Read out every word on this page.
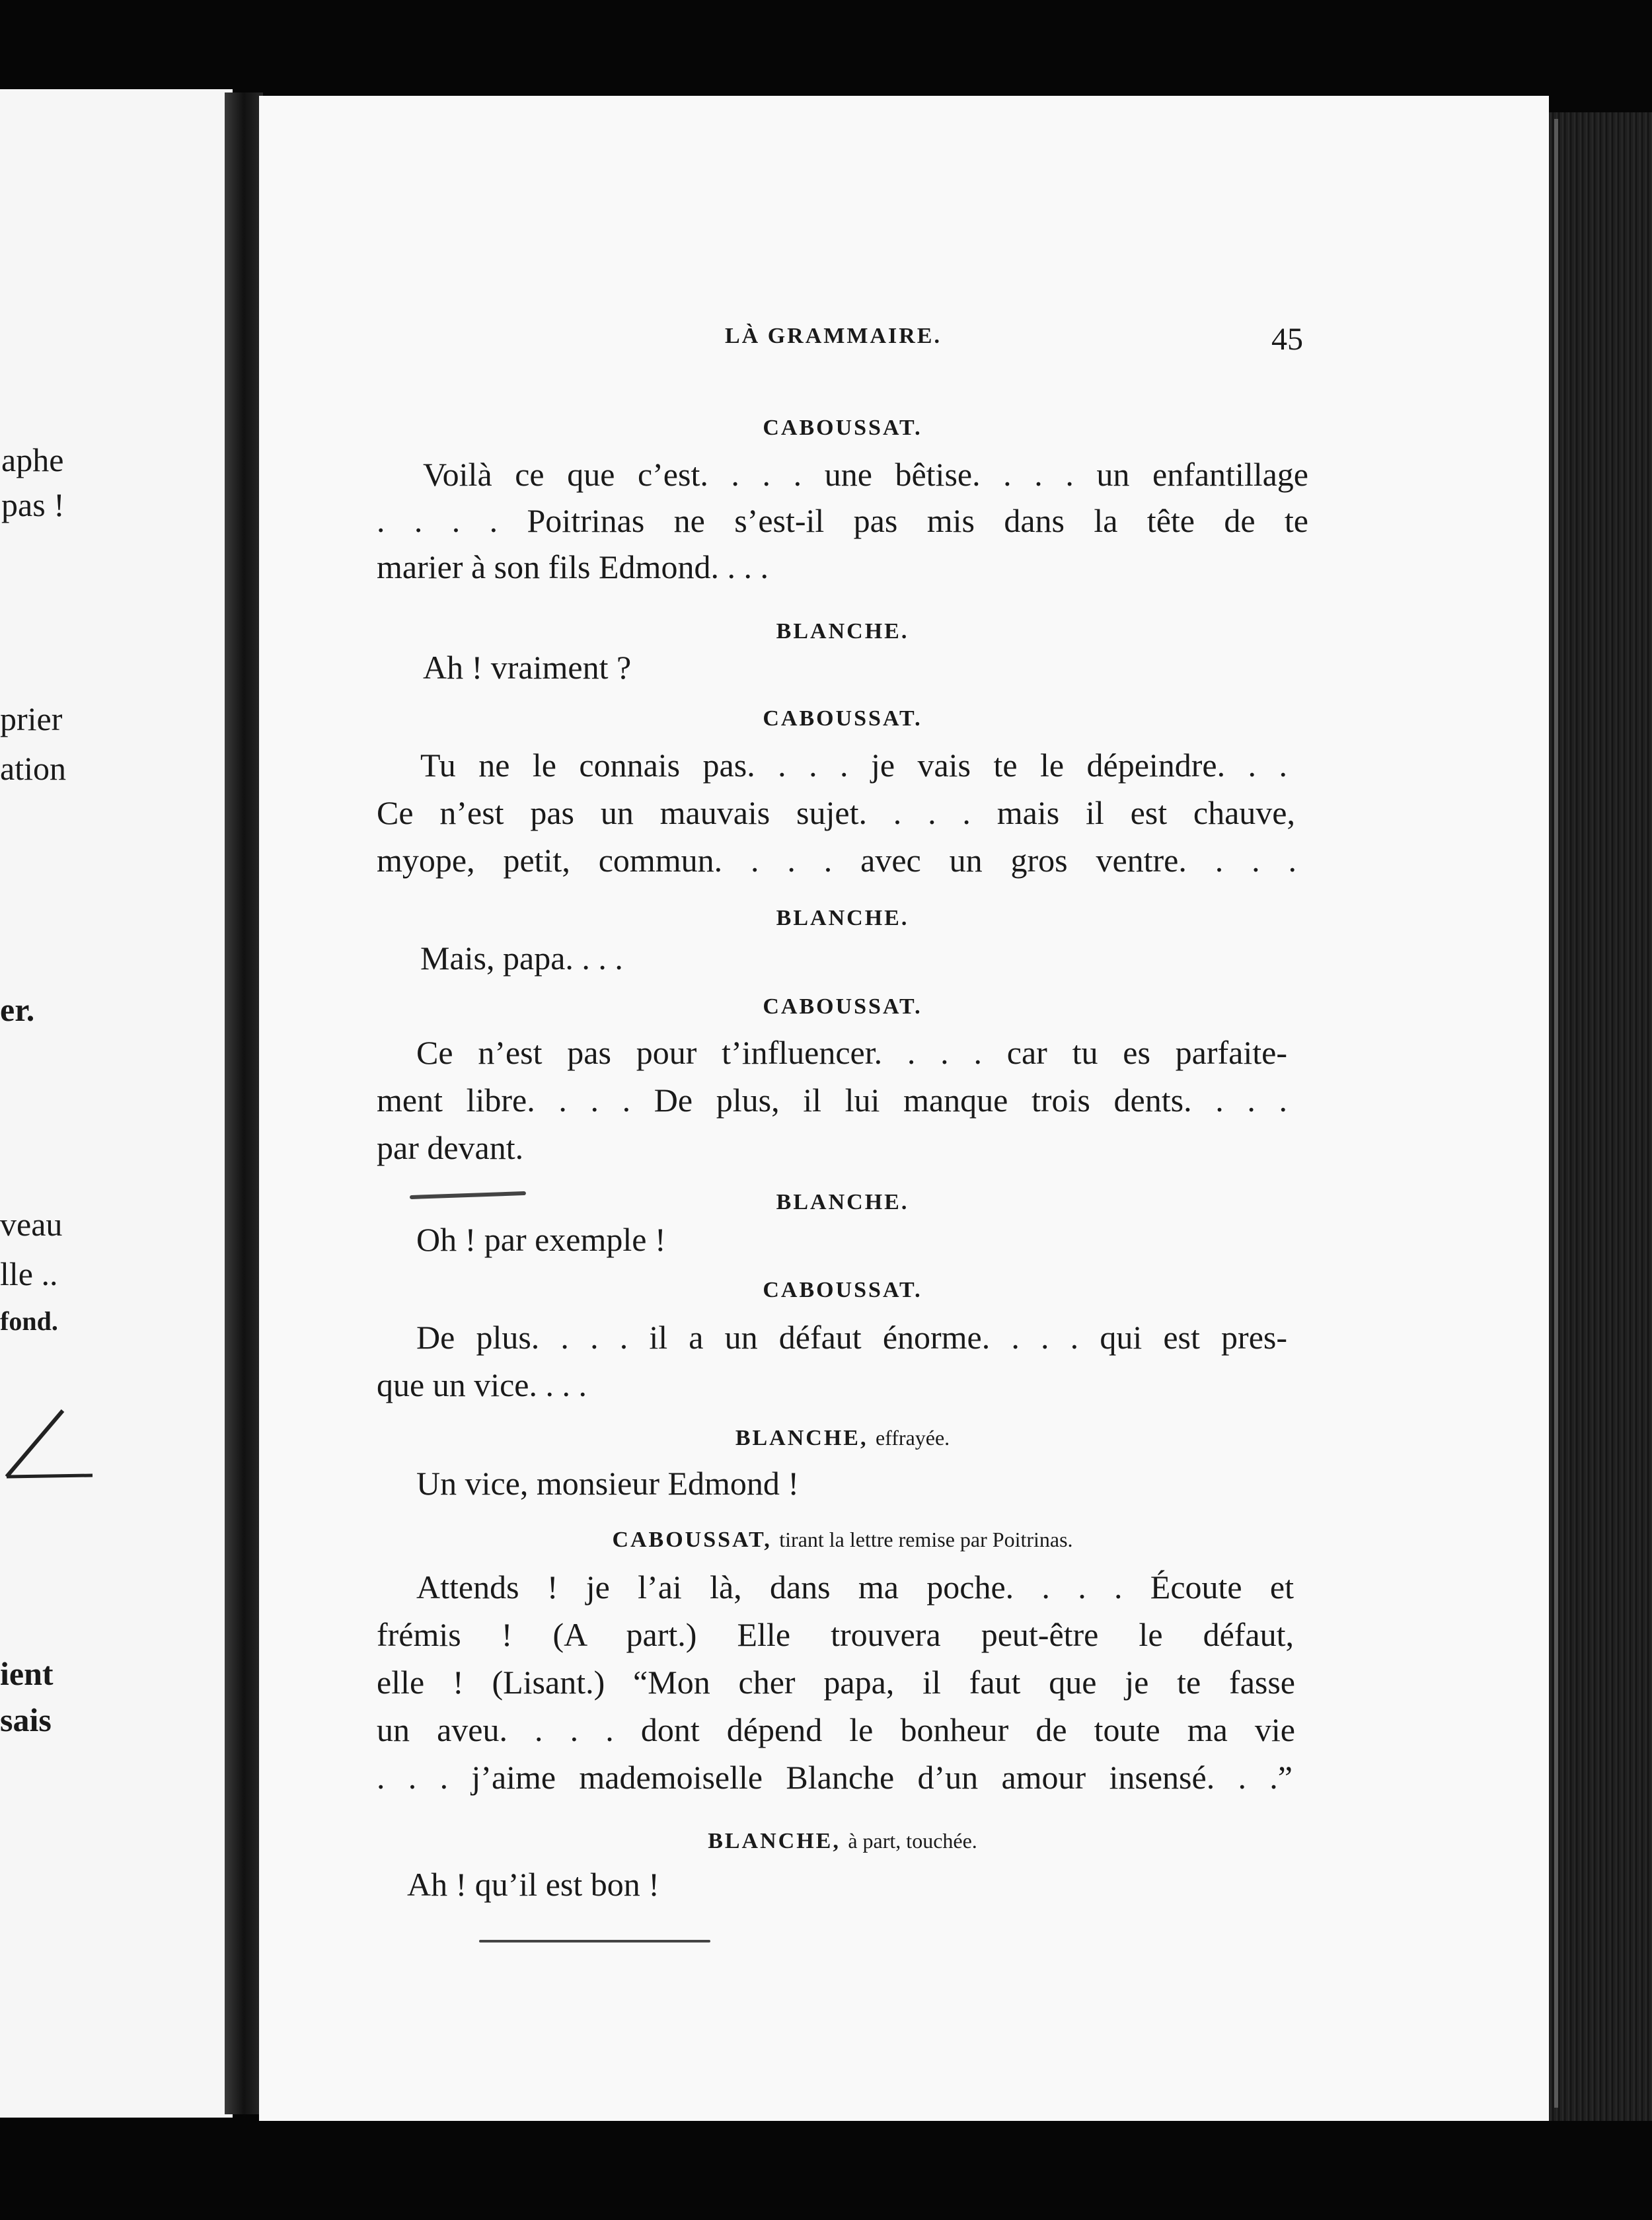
aphe
pas !
prier
ation
er.
veau
lle ..
fond.
ient
sais
LÀ GRAMMAIRE.	45
CABOUSSAT.
Voilà ce que c’est. . . . une bêtise. . . . un enfantillage
. . . . Poitrinas ne s’est-il pas mis dans la tête de te
marier à son fils Edmond. . . .
BLANCHE.
Ah ! vraiment ?
CABOUSSAT.
Tu ne le connais pas. . . . je vais te le dépeindre. . .
Ce n’est pas un mauvais sujet. . . . mais il est chauve,
myope, petit, commun. . . . avec un gros ventre. . . .
BLANCHE.
Mais, papa. . . .
CABOUSSAT.
Ce n’est pas pour t’influencer. . . . car tu es parfaite-
ment libre. . . . De plus, il lui manque trois dents. . . .
par devant.
BLANCHE.
Oh ! par exemple !
CABOUSSAT.
De plus. . . . il a un défaut énorme. . . . qui est pres-
que un vice. . . .
BLANCHE, effrayée.
Un vice, monsieur Edmond !
CABOUSSAT, tirant la lettre remise par Poitrinas.
Attends ! je l’ai là, dans ma poche. . . . Écoute et
frémis ! (A part.) Elle trouvera peut-être le défaut,
elle ! (Lisant.) “Mon cher papa, il faut que je te fasse
un aveu. . . . dont dépend le bonheur de toute ma vie
. . . j’aime mademoiselle Blanche d’un amour insensé. . .”
BLANCHE, à part, touchée.
Ah ! qu’il est bon !
